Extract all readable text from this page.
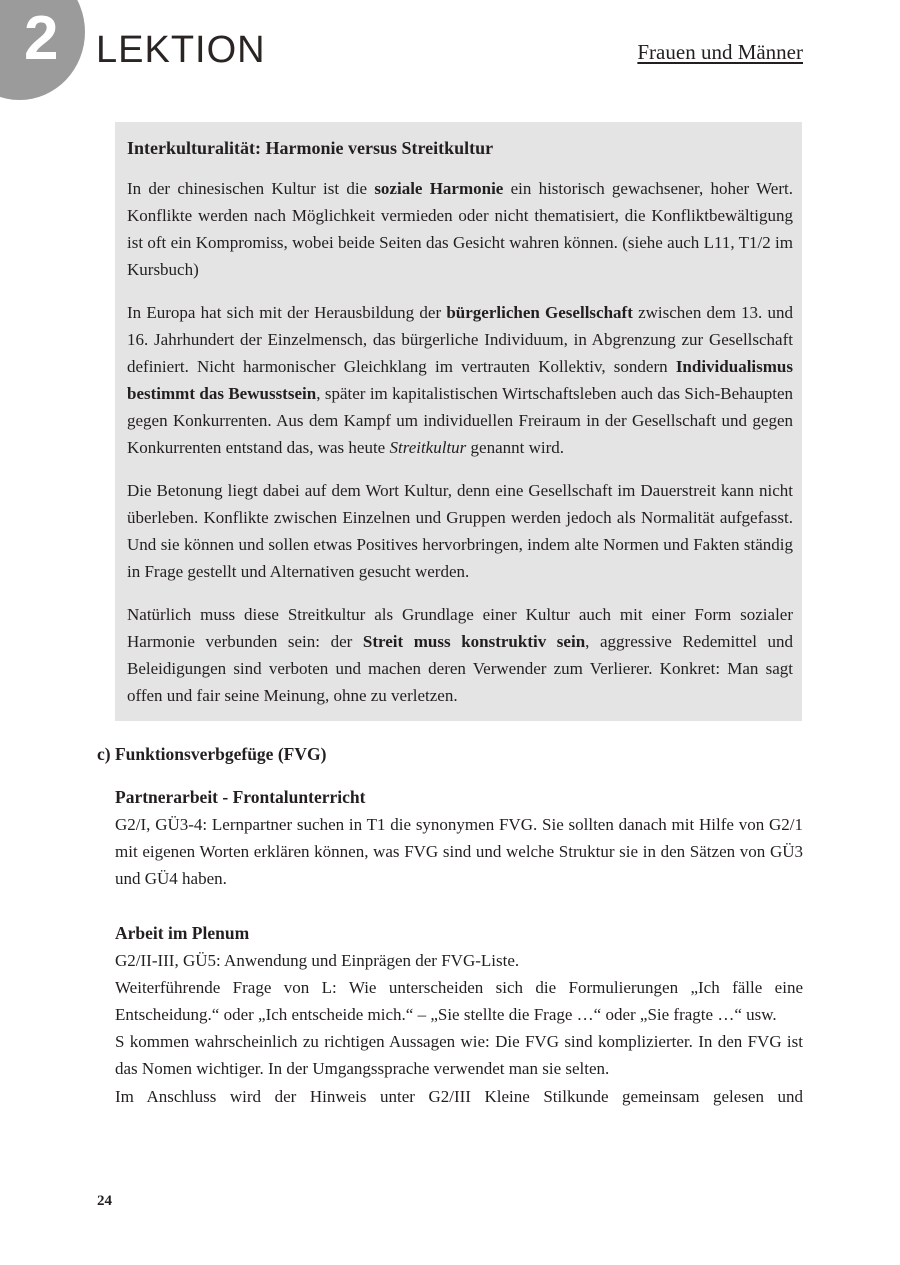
2 LEKTION	Frauen und Männer
Interkulturalität: Harmonie versus Streitkultur

In der chinesischen Kultur ist die soziale Harmonie ein historisch gewachsener, hoher Wert. Konflikte werden nach Möglichkeit vermieden oder nicht thematisiert, die Konfliktbewältigung ist oft ein Kompromiss, wobei beide Seiten das Gesicht wahren können. (siehe auch L11, T1/2 im Kursbuch)

In Europa hat sich mit der Herausbildung der bürgerlichen Gesellschaft zwischen dem 13. und 16. Jahrhundert der Einzelmensch, das bürgerliche Individuum, in Abgrenzung zur Gesellschaft definiert. Nicht harmonischer Gleichklang im vertrauten Kollektiv, sondern Individualismus bestimmt das Bewusstsein, später im kapitalistischen Wirtschaftsleben auch das Sich-Behaupten gegen Konkurrenten. Aus dem Kampf um individuellen Freiraum in der Gesellschaft und gegen Konkurrenten entstand das, was heute Streitkultur genannt wird.

Die Betonung liegt dabei auf dem Wort Kultur, denn eine Gesellschaft im Dauerstreit kann nicht überleben. Konflikte zwischen Einzelnen und Gruppen werden jedoch als Normalität aufgefasst. Und sie können und sollen etwas Positives hervorbringen, indem alte Normen und Fakten ständig in Frage gestellt und Alternativen gesucht werden.

Natürlich muss diese Streitkultur als Grundlage einer Kultur auch mit einer Form sozialer Harmonie verbunden sein: der Streit muss konstruktiv sein, aggressive Redemittel und Beleidigungen sind verboten und machen deren Verwender zum Verlierer. Konkret: Man sagt offen und fair seine Meinung, ohne zu verletzen.

c) Funktionsverbgefüge (FVG)
Partnerarbeit - Frontalunterricht

G2/I, GÜ3-4: Lernpartner suchen in T1 die synonymen FVG. Sie sollten danach mit Hilfe von G2/1 mit eigenen Worten erklären können, was FVG sind und welche Struktur sie in den Sätzen von GÜ3 und GÜ4 haben.

Arbeit im Plenum

G2/II-III, GÜ5: Anwendung und Einprägen der FVG-Liste.

Weiterführende Frage von L: Wie unterscheiden sich die Formulierungen „Ich fälle eine Entscheidung.“ oder „Ich entscheide mich.“ – „Sie stellte die Frage …“ oder „Sie fragte …“ usw.

S kommen wahrscheinlich zu richtigen Aussagen wie: Die FVG sind komplizierter. In den FVG ist das Nomen wichtiger. In der Umgangssprache verwendet man sie selten.

Im Anschluss wird der Hinweis unter G2/III Kleine Stilkunde gemeinsam gelesen und

24
